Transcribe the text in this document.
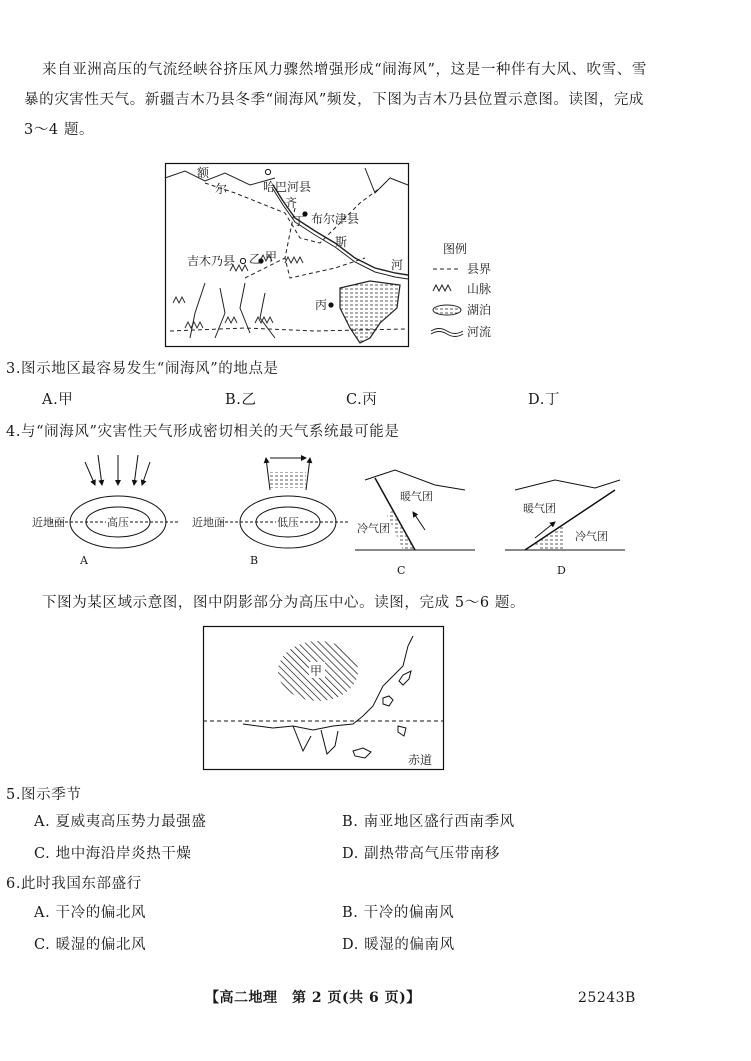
来自亚洲高压的气流经峡谷挤压风力骤然增强形成“闹海风”，这是一种伴有大风、吹雪、雪
暴的灾害性天气。新疆吉木乃县冬季“闹海风”频发，下图为吉木乃县位置示意图。读图，完成
3～4 题。
额
尔	哈巴河县
齐
丁 布尔津县
斯
河
吉木乃县 乙 甲
丙
图例
县界
山脉
湖泊
河流
3.图示地区最容易发生“闹海风”的地点是
A.甲	B.乙	C.丙	D.丁
4.与“闹海风”灾害性天气形成密切相关的天气系统最可能是
高压
近地面
A
低压
近地面
B
暖气团
冷气团
C
暖气团
冷气团
D
下图为某区域示意图，图中阴影部分为高压中心。读图，完成 5～6 题。
甲
赤道
5.图示季节
A. 夏威夷高压势力最强盛	B. 南亚地区盛行西南季风
C. 地中海沿岸炎热干燥	D. 副热带高气压带南移
6.此时我国东部盛行
A. 干冷的偏北风	B. 干冷的偏南风
C. 暖湿的偏北风	D. 暖湿的偏南风
【高二地理　第 2 页(共 6 页)】	25243B
